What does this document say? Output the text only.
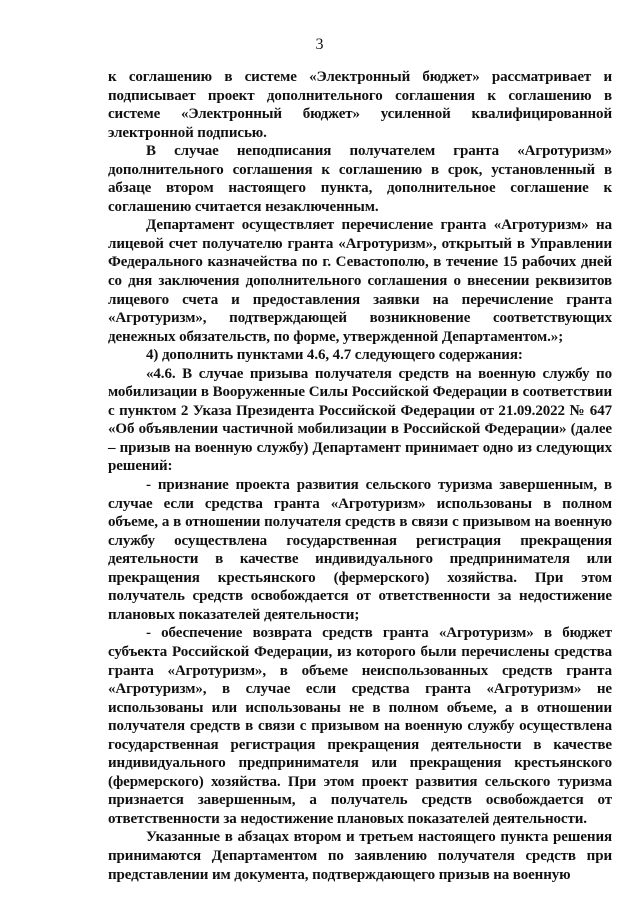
3

к соглашению в системе «Электронный бюджет» рассматривает и подписывает проект дополнительного соглашения к соглашению в системе «Электронный бюджет» усиленной квалифицированной электронной подписью.

В случае неподписания получателем гранта «Агротуризм» дополнительного соглашения к соглашению в срок, установленный в абзаце втором настоящего пункта, дополнительное соглашение к соглашению считается незаключенным.

Департамент осуществляет перечисление гранта «Агротуризм» на лицевой счет получателю гранта «Агротуризм», открытый в Управлении Федерального казначейства по г. Севастополю, в течение 15 рабочих дней со дня заключения дополнительного соглашения о внесении реквизитов лицевого счета и предоставления заявки на перечисление гранта «Агротуризм», подтверждающей возникновение соответствующих денежных обязательств, по форме, утвержденной Департаментом.»;

4) дополнить пунктами 4.6, 4.7 следующего содержания:

«4.6. В случае призыва получателя средств на военную службу по мобилизации в Вооруженные Силы Российской Федерации в соответствии с пунктом 2 Указа Президента Российской Федерации от 21.09.2022 № 647 «Об объявлении частичной мобилизации в Российской Федерации» (далее – призыв на военную службу) Департамент принимает одно из следующих решений:

- признание проекта развития сельского туризма завершенным, в случае если средства гранта «Агротуризм» использованы в полном объеме, а в отношении получателя средств в связи с призывом на военную службу осуществлена государственная регистрация прекращения деятельности в качестве индивидуального предпринимателя или прекращения крестьянского (фермерского) хозяйства. При этом получатель средств освобождается от ответственности за недостижение плановых показателей деятельности;

- обеспечение возврата средств гранта «Агротуризм» в бюджет субъекта Российской Федерации, из которого были перечислены средства гранта «Агротуризм», в объеме неиспользованных средств гранта «Агротуризм», в случае если средства гранта «Агротуризм» не использованы или использованы не в полном объеме, а в отношении получателя средств в связи с призывом на военную службу осуществлена государственная регистрация прекращения деятельности в качестве индивидуального предпринимателя или прекращения крестьянского (фермерского) хозяйства. При этом проект развития сельского туризма признается завершенным, а получатель средств освобождается от ответственности за недостижение плановых показателей деятельности.

Указанные в абзацах втором и третьем настоящего пункта решения принимаются Департаментом по заявлению получателя средств при представлении им документа, подтверждающего призыв на военную
